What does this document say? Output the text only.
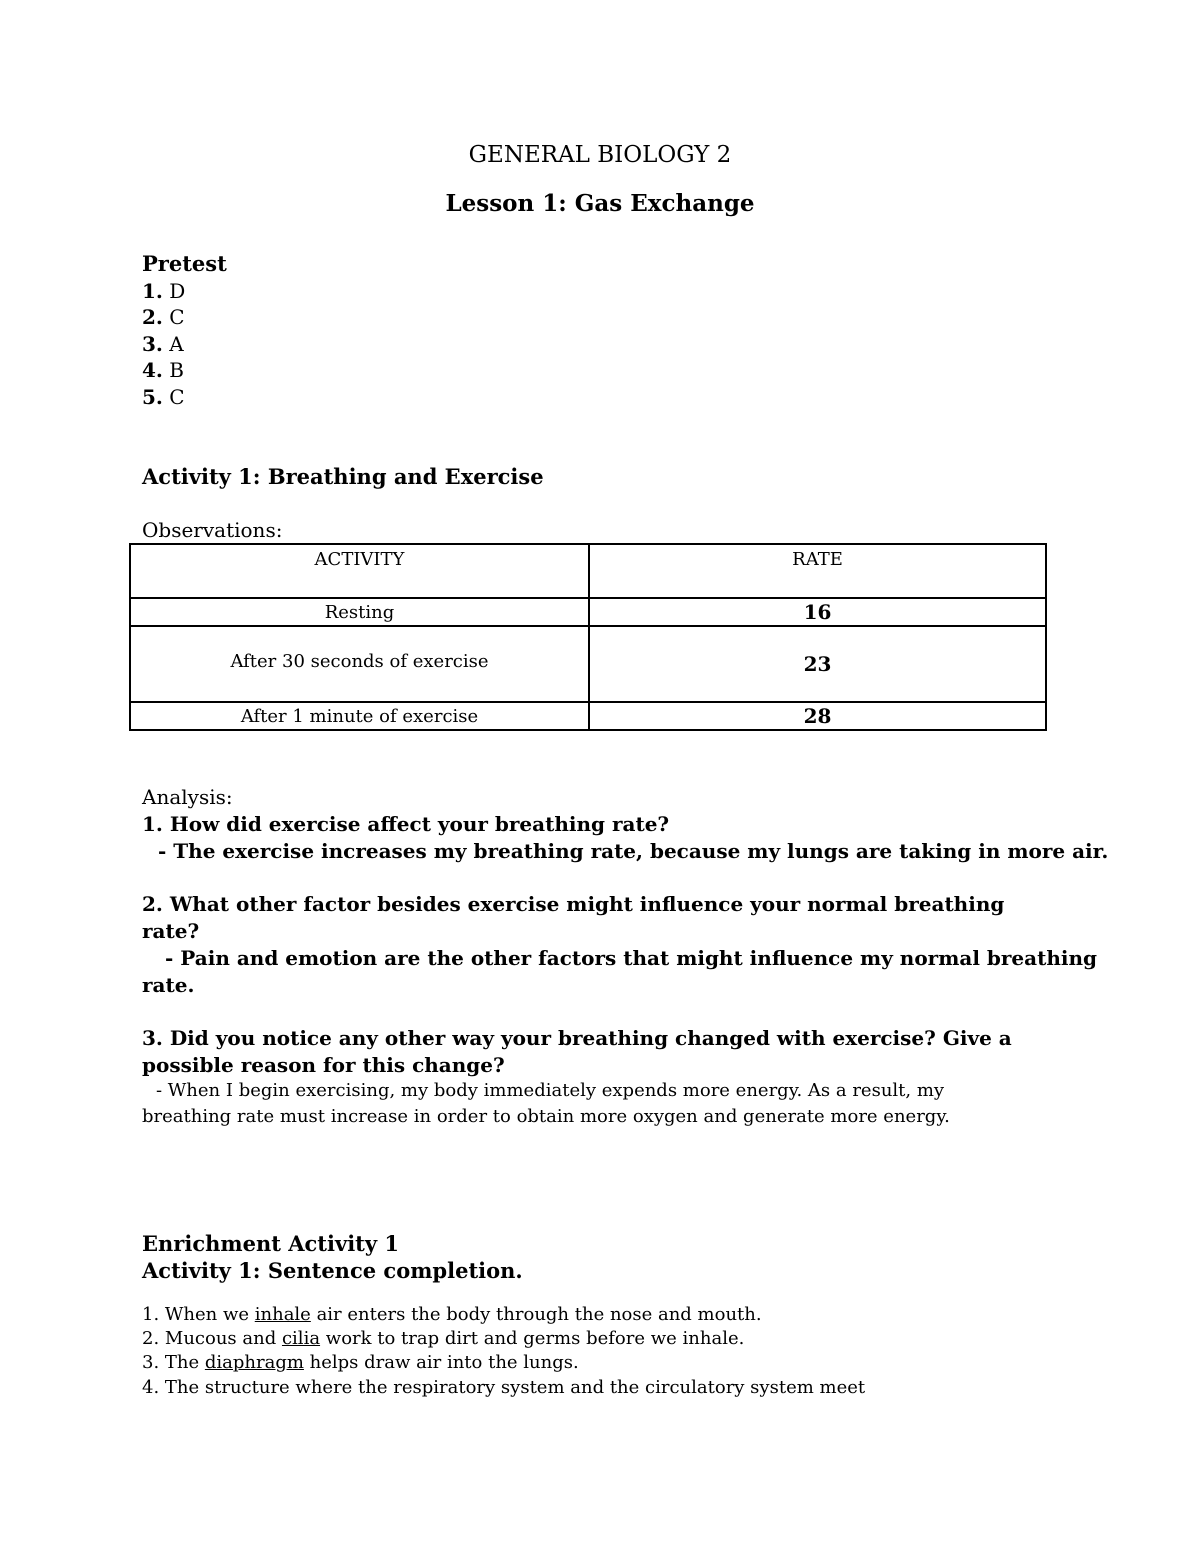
GENERAL BIOLOGY 2
Lesson 1: Gas Exchange
Pretest
1. D
2. C
3. A
4. B
5. C
Activity 1: Breathing and Exercise
Observations:
ACTIVITY	RATE
Resting	16
After 30 seconds of exercise	23
After 1 minute of exercise	28
Analysis:
1. How did exercise affect your breathing rate?
- The exercise increases my breathing rate, because my lungs are taking in more air.
2. What other factor besides exercise might influence your normal breathing
rate?
- Pain and emotion are the other factors that might influence my normal breathing
rate.
3. Did you notice any other way your breathing changed with exercise? Give a
possible reason for this change?
- When I begin exercising, my body immediately expends more energy. As a result, my
breathing rate must increase in order to obtain more oxygen and generate more energy.
Enrichment Activity 1
Activity 1: Sentence completion.
1. When we inhale air enters the body through the nose and mouth.
2. Mucous and cilia work to trap dirt and germs before we inhale.
3. The diaphragm helps draw air into the lungs.
4. The structure where the respiratory system and the circulatory system meet
